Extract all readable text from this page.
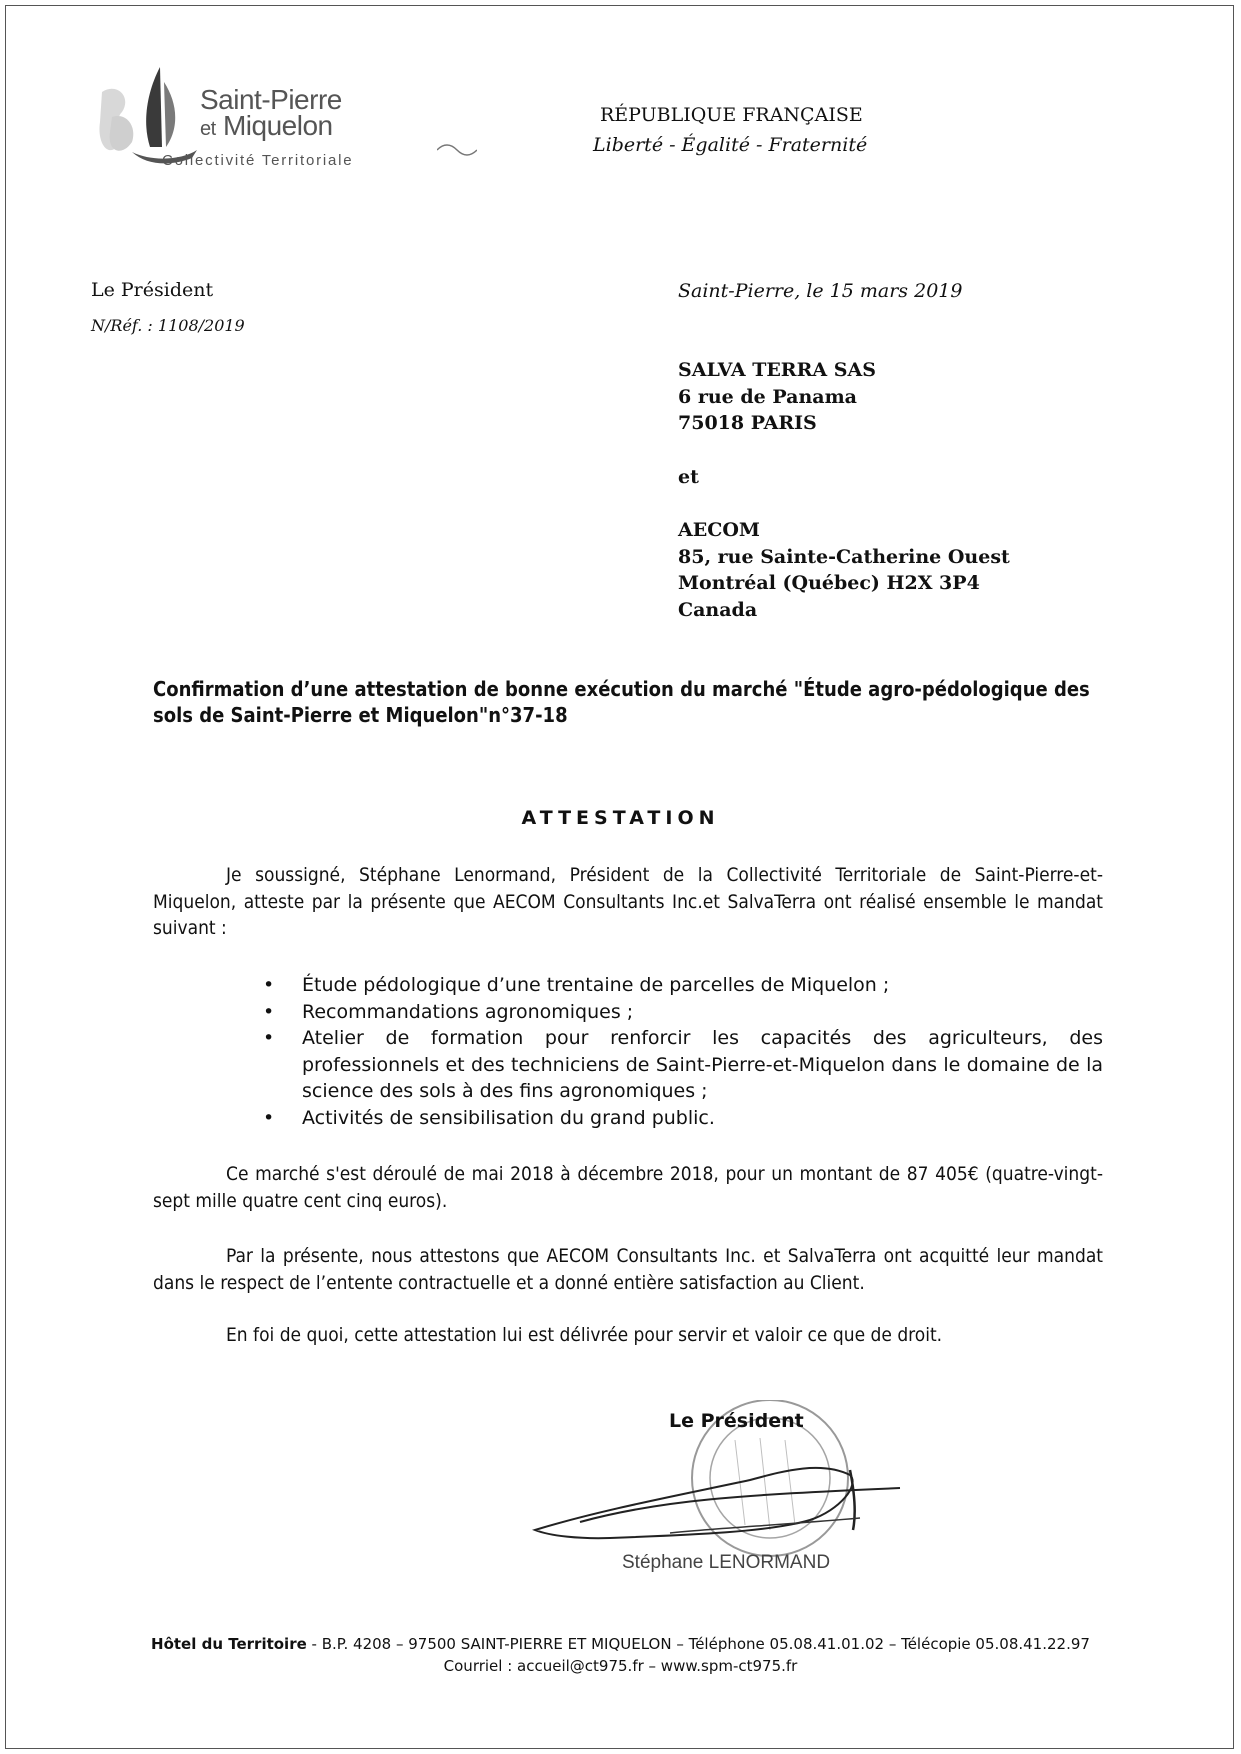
Saint-Pierre
et Miquelon
Collectivité Territoriale
RÉPUBLIQUE FRANÇAISE
Liberté - Égalité - Fraternité
Le Président
N/Réf. : 1108/2019
Saint-Pierre, le 15 mars 2019
SALVA TERRA SAS
6 rue de Panama
75018 PARIS
et
AECOM
85, rue Sainte-Catherine Ouest
Montréal (Québec) H2X 3P4
Canada
Confirmation d’une attestation de bonne exécution du marché "Étude agro-pédologique des sols de Saint-Pierre et Miquelon"n°37-18
ATTESTATION
Je soussigné, Stéphane Lenormand, Président de la Collectivité Territoriale de Saint-Pierre-et-Miquelon, atteste par la présente que AECOM Consultants Inc.et SalvaTerra ont réalisé ensemble le mandat suivant :
• Étude pédologique d’une trentaine de parcelles de Miquelon ;
• Recommandations agronomiques ;
• Atelier de formation pour renforcir les capacités des agriculteurs, des professionnels et des techniciens de Saint-Pierre-et-Miquelon dans le domaine de la science des sols à des fins agronomiques ;
• Activités de sensibilisation du grand public.
Ce marché s'est déroulé de mai 2018 à décembre 2018, pour un montant de 87 405€ (quatre-vingt-sept mille quatre cent cinq euros).
Par la présente, nous attestons que AECOM Consultants Inc. et SalvaTerra ont acquitté leur mandat dans le respect de l’entente contractuelle et a donné entière satisfaction au Client.
En foi de quoi, cette attestation lui est délivrée pour servir et valoir ce que de droit.
Le Président
Stéphane LENORMAND
Hôtel du Territoire - B.P. 4208 – 97500 SAINT-PIERRE ET MIQUELON – Téléphone 05.08.41.01.02 – Télécopie 05.08.41.22.97
Courriel : accueil@ct975.fr – www.spm-ct975.fr
